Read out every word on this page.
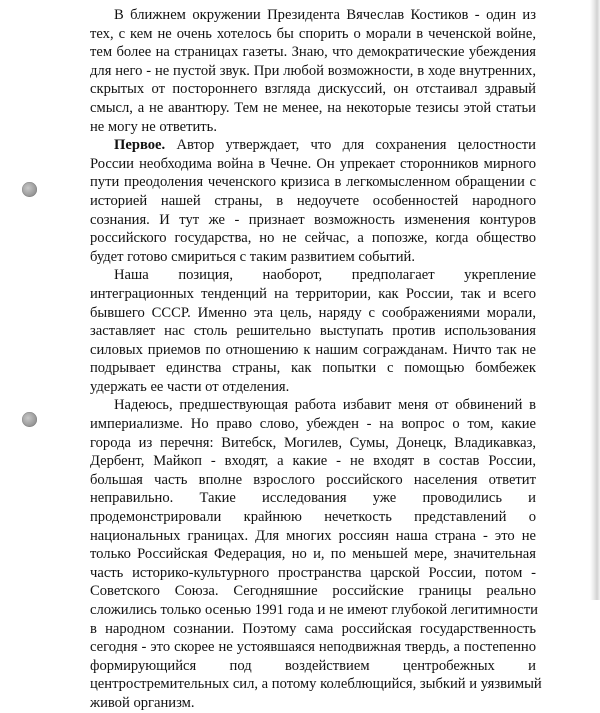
В ближнем окружении Президента Вячеслав Костиков - один из
тех, с кем не очень хотелось бы спорить о морали в чеченской войне,
тем более на страницах газеты. Знаю, что демократические убеждения
для него - не пустой звук. При любой возможности, в ходе внутренних,
скрытых от постороннего взгляда дискуссий, он отстаивал здравый
смысл, а не авантюру. Тем не менее, на некоторые тезисы этой статьи
не могу не ответить.
Первое. Автор утверждает, что для сохранения целостности
России необходима война в Чечне. Он упрекает сторонников мирного
пути преодоления чеченского кризиса в легкомысленном обращении с
историей нашей страны, в недоучете особенностей народного
сознания. И тут же - признает возможность изменения контуров
российского государства, но не сейчас, а попозже, когда общество
будет готово смириться с таким развитием событий.
Наша позиция, наоборот, предполагает укрепление
интеграционных тенденций на территории, как России, так и всего
бывшего СССР. Именно эта цель, наряду с соображениями морали,
заставляет нас столь решительно выступать против использования
силовых приемов по отношению к нашим согражданам. Ничто так не
подрывает единства страны, как попытки с помощью бомбежек
удержать ее части от отделения.
Надеюсь, предшествующая работа избавит меня от обвинений в
империализме. Но право слово, убежден - на вопрос о том, какие
города из перечня: Витебск, Могилев, Сумы, Донецк, Владикавказ,
Дербент, Майкоп - входят, а какие - не входят в состав России,
большая часть вполне взрослого российского населения ответит
неправильно. Такие исследования уже проводились и
продемонстрировали крайнюю нечеткость представлений о
национальных границах. Для многих россиян наша страна - это не
только Российская Федерация, но и, по меньшей мере, значительная
часть историко-культурного пространства царской России, потом -
Советского Союза. Сегодняшние российские границы реально
сложились только осенью 1991 года и не имеют глубокой легитимности
в народном сознании. Поэтому сама российская государственность
сегодня - это скорее не устоявшаяся неподвижная твердь, а постепенно
формирующийся под воздействием центробежных и
центростремительных сил, а потому колеблющийся, зыбкий и уязвимый
живой организм.
